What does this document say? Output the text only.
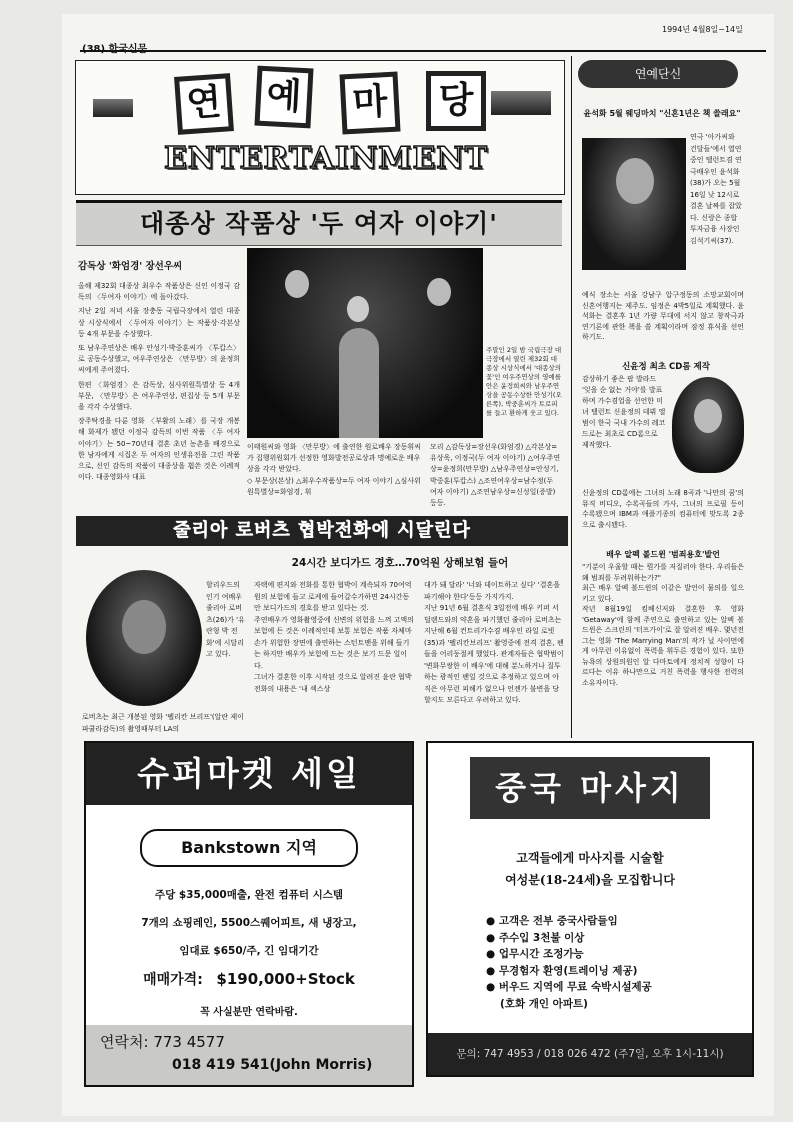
1994년 4월8일~14일
연 예 마 당
ENTERTAINMENT
대종상 작품상 '두 여자 이야기'
감독상 '화엄경' 장선우씨

올해 제32회 대종상 최우수 작품상은 신인 이정국 감독의 〈두여자 이야기〉에 돌아갔다.

지난 2일 저녁 서울 장충동 국립극장에서 열린 대종상 시상식에서 〈두여자 이야기〉는 작품상·각본상 등 4개 부문을 수상했다.

또 남우주연상은 배우 안성기·박중훈씨가 〈투캅스〉로 공동수상했고, 여우주연상은 〈만무방〉의 윤정희씨에게 주어졌다.

한편 〈화엄경〉은 감독상, 심사위원특별상 등 4개 부문, 〈만무방〉은 여우주연상, 편집상 등 5개 부문을 각각 수상했다.

장주탁경을 다룬 영화 〈부활의 노래〉를 국장 개봉해 화제가 됐던 이정국 감독의 이번 작품 〈두 여자 이야기〉는 50~70년대 결혼 초년 농촌을 배경으로 한 남자에게 시집온 두 여자의 인생유전을 그린 작품으로, 신인 감독의 작품이 대종상을 휩쓴 것은 이례적이다. 대종영화사 대표

주말인 2일 밤 국립극장 대극장에서 열린 제32회 대종상 시상식에서 '대종상의 꽃'인 여우주연상의 영예를 안은 윤정희씨와 남우주연상을 공동수상한 안성기(오른쪽), 박중훈씨가 트로피를 들고 환하게 웃고 있다.
이태원씨와 영화 〈만무방〉에 출연한 원로배우 장동휘씨가 집행위원회가 선정한 영화발전공로상과 명예로운 배우상을 각각 받았다.
◇ 부문상(본상) △최우수작품상=두 여자 이야기 △심사위원특별상=화엄경, 휘
모리 △감독상=장선우(화엄경) △각본상=유상욱, 이정국(두 여자 이야기) △여우주연상=윤정희(만무방) △남우주연상=안성기, 박중훈(투캅스) △조연여우상=남수정(두 여자 이야기) △조연남우상=신성일(증발) 등등.
연예단신
윤석화 5월 웨딩마치 "신혼1년은 책 쓸래요"
연극 '아가씨와 건달들'에서 열연중인 탤런트겸 연극배우인 윤석화(38)가 오는 5월16일 낮 12시로 결혼 날짜를 잡았다. 신랑은 종합투자금융 사장인 김석기씨(37).
예식 장소는 서울 강남구 압구정동의 소망교회이며 신혼여행지는 제주도. 임정은 4박5일로 계획했다. 윤석화는 결혼후 1년 가량 무대에 서지 않고 창작극과 연기론에 관한 책을 쓸 계획이라며 잠정 휴식을 선언하기도.
신윤정 최초 CD롬 제작
감상하기 좋은 팝 발라드 '잊을 순 없는 거야'를 발표하며 가수겸업을 선언한 미녀 탤런트 신윤정의 데뷔 앨범이 한국 국내 가수의 레코드로는 최초로 CD롬으로 제작했다.
신윤정의 CD롬에는 그녀의 노래 8곡과 '나만의 꿈'의 뮤직 비디오, 수록곡들의 가사, 그녀의 프로필 등이 수록됐으며 IBM과 애플기종의 컴퓨터에 맞도록 2종으로 출시됐다.
배우 알펙 볼드윈 '범죄용호'발언
"기분이 우울할 때는 뭔가를 저질러야 한다. 우리들은 왜 범죄를 두려워하는가?"
최근 배우 알펙 볼드윈의 이같은 발언이 물의를 일으키고 있다.
작년 8월19일 킴베신저와 결혼한 후 영화 'Getaway'에 함께 주연으로 출연하고 있는 알펙 볼드윈은 스크린의 '터프가이'로 잘 알려진 배우. 몇년전 그는 영화 'The Marrying Man'의 작가 닐 사이먼에게 아무런 이유없이 폭력을 휘두른 경험이 있다. 또한 뉴욕의 상원의원인 알 다마토에게 정치적 성향이 다르다는 이유 하나만으로 거친 폭력을 행사한 전력의 소유자이다.
줄리아 로버츠 협박전화에 시달린다
24시간 보디가드 경호…70억원 상해보험 들어
할리우드의 인기 여배우 줄리아 로버츠(26)가 '유란형 박 전화'에 시달리고 있다.
로버츠는 최근 개봉된 영화 '펠리칸 브리프'(알란 제이 파큘라감독)의 촬영때부터 LA의
자택에 편지와 전화를 통한 협박이 계속되자 70여억원의 보험에 들고 로케에 들어갈수가하면 24시간동안 보디가드의 경호를 받고 있다는 것.
주연배우가 영화촬영중에 신변의 위험을 느껴 고액의 보험에 든 것은 이례적인데 보통 보험은 작품 자체마손가 위험한 장면에 출연하는 스턴트맨을 위해 들기는 하지만 배우가 보험에 드는 것은 보기 드문 일이다.
그녀가 결혼한 이후 시작된 것으로 알려진 윤란 협박전화의 내용은 '내 섹스상
대가 돼 달라' '너와 데이트하고 싶다' '결혼을 파기해야 한다'등등 가지가지.
지난 91년 6월 결혼식 3일전에 배우 키퍼 서덜랜드와의 약혼을 파기했던 줄리아 로버츠는 지난해 6월 컨트리가수겸 배우인 라일 로빗(35)과 '펠리칸브리프' 촬영중에 전격 결혼, 팬들을 어리둥절케 했었다. 관계자들은 협박범이 '변화무쌍한 이 배우'에 대해 분노하거나 질투하는 광적인 팬일 것으로 추정하고 있으며 아직은 아무런 피해가 없으나 언젠가 불변을 당할지도 모른다고 우려하고 있다.
슈퍼마켓 세일
Bankstown 지역
주당 $35,000매출, 완전 컴퓨터 시스템
7개의 쇼핑레인, 5500스퀘어피트, 새 냉장고,
임대료 $650/주, 긴 임대기간
매매가격: $190,000+Stock
꼭 사실분만 연락바람.
연락처: 773 4577
018 419 541(John Morris)
중국 마사지
고객들에게 마사지를 시술할
여성분(18-24세)을 모집합니다
● 고객은 전부 중국사람들임
● 주수입 3천불 이상
● 업무시간 조정가능
● 무경험자 환영(트레이닝 제공)
● 버우드 지역에 무료 숙박시설제공
(호화 개인 아파트)
문의: 747 4953 / 018 026 472 (주7일, 오후 1시-11시)
